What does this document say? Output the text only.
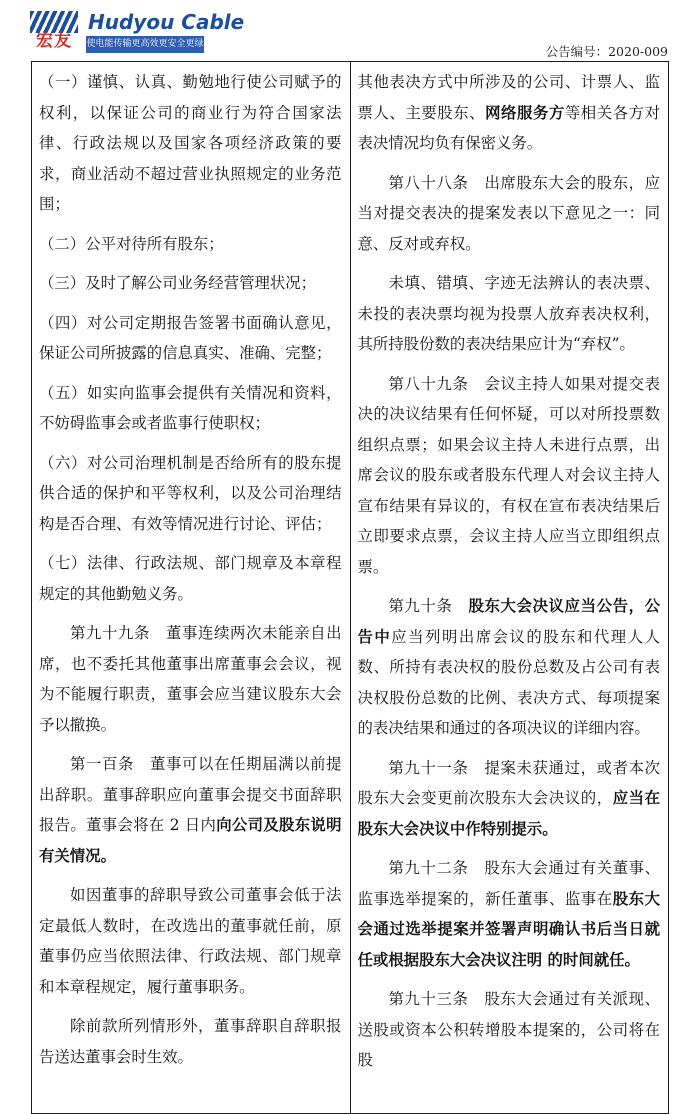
宏友
Hudyou Cable
使电能传输更高效更安全更绿色
公告编号：2020-009

（一）谨慎、认真、勤勉地行使公司赋予的权利，以保证公司的商业行为符合国家法律、行政法规以及国家各项经济政策的要求，商业活动不超过营业执照规定的业务范围；

（二）公平对待所有股东；

（三）及时了解公司业务经营管理状况；

（四）对公司定期报告签署书面确认意见，保证公司所披露的信息真实、准确、完整；

（五）如实向监事会提供有关情况和资料，不妨碍监事会或者监事行使职权；

（六）对公司治理机制是否给所有的股东提供合适的保护和平等权利，以及公司治理结构是否合理、有效等情况进行讨论、评估；

（七）法律、行政法规、部门规章及本章程规定的其他勤勉义务。

第九十九条　董事连续两次未能亲自出席，也不委托其他董事出席董事会会议，视为不能履行职责，董事会应当建议股东大会予以撤换。

第一百条　董事可以在任期届满以前提出辞职。董事辞职应向董事会提交书面辞职报告。董事会将在 2 日内向公司及股东说明有关情况。

如因董事的辞职导致公司董事会低于法定最低人数时，在改选出的董事就任前，原董事仍应当依照法律、行政法规、部门规章和本章程规定，履行董事职务。

除前款所列情形外，董事辞职自辞职报告送达董事会时生效。

其他表决方式中所涉及的公司、计票人、监票人、主要股东、网络服务方等相关各方对表决情况均负有保密义务。

第八十八条　出席股东大会的股东，应当对提交表决的提案发表以下意见之一：同意、反对或弃权。

未填、错填、字迹无法辨认的表决票、未投的表决票均视为投票人放弃表决权利，其所持股份数的表决结果应计为“弃权”。

第八十九条　会议主持人如果对提交表决的决议结果有任何怀疑，可以对所投票数组织点票；如果会议主持人未进行点票，出席会议的股东或者股东代理人对会议主持人宣布结果有异议的，有权在宣布表决结果后立即要求点票，会议主持人应当立即组织点票。

第九十条　股东大会决议应当公告，公告中应当列明出席会议的股东和代理人人数、所持有表决权的股份总数及占公司有表决权股份总数的比例、表决方式、每项提案的表决结果和通过的各项决议的详细内容。

第九十一条　提案未获通过，或者本次股东大会变更前次股东大会决议的，应当在股东大会决议中作特别提示。

第九十二条　股东大会通过有关董事、监事选举提案的，新任董事、监事在股东大会通过选举提案并签署声明确认书后当日就任或根据股东大会决议注明 的时间就任。

第九十三条　股东大会通过有关派现、送股或资本公积转增股本提案的，公司将在股
